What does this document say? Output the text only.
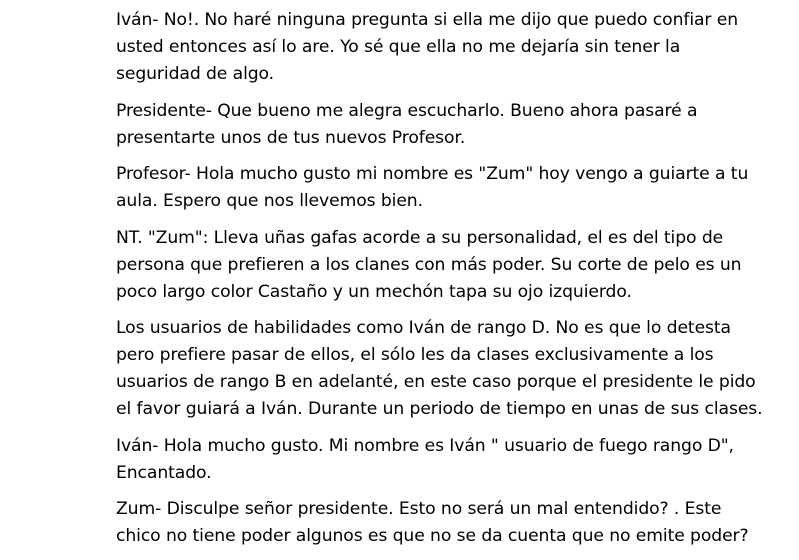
Iván- No!. No haré ninguna pregunta si ella me dijo que puedo confiar en
usted entonces así lo are. Yo sé que ella no me dejaría sin tener la
seguridad de algo.

Presidente- Que bueno me alegra escucharlo. Bueno ahora pasaré a
presentarte unos de tus nuevos Profesor.

Profesor- Hola mucho gusto mi nombre es "Zum" hoy vengo a guiarte a tu
aula. Espero que nos llevemos bien.

NT. "Zum": Lleva uñas gafas acorde a su personalidad, el es del tipo de
persona que prefieren a los clanes con más poder. Su corte de pelo es un
poco largo color Castaño y un mechón tapa su ojo izquierdo.

Los usuarios de habilidades como Iván de rango D. No es que lo detesta
pero prefiere pasar de ellos, el sólo les da clases exclusivamente a los
usuarios de rango B en adelanté, en este caso porque el presidente le pido
el favor guiará a Iván. Durante un periodo de tiempo en unas de sus clases.

Iván- Hola mucho gusto. Mi nombre es Iván " usuario de fuego rango D",
Encantado.

Zum- Disculpe señor presidente. Esto no será un mal entendido? . Este
chico no tiene poder algunos es que no se da cuenta que no emite poder?
